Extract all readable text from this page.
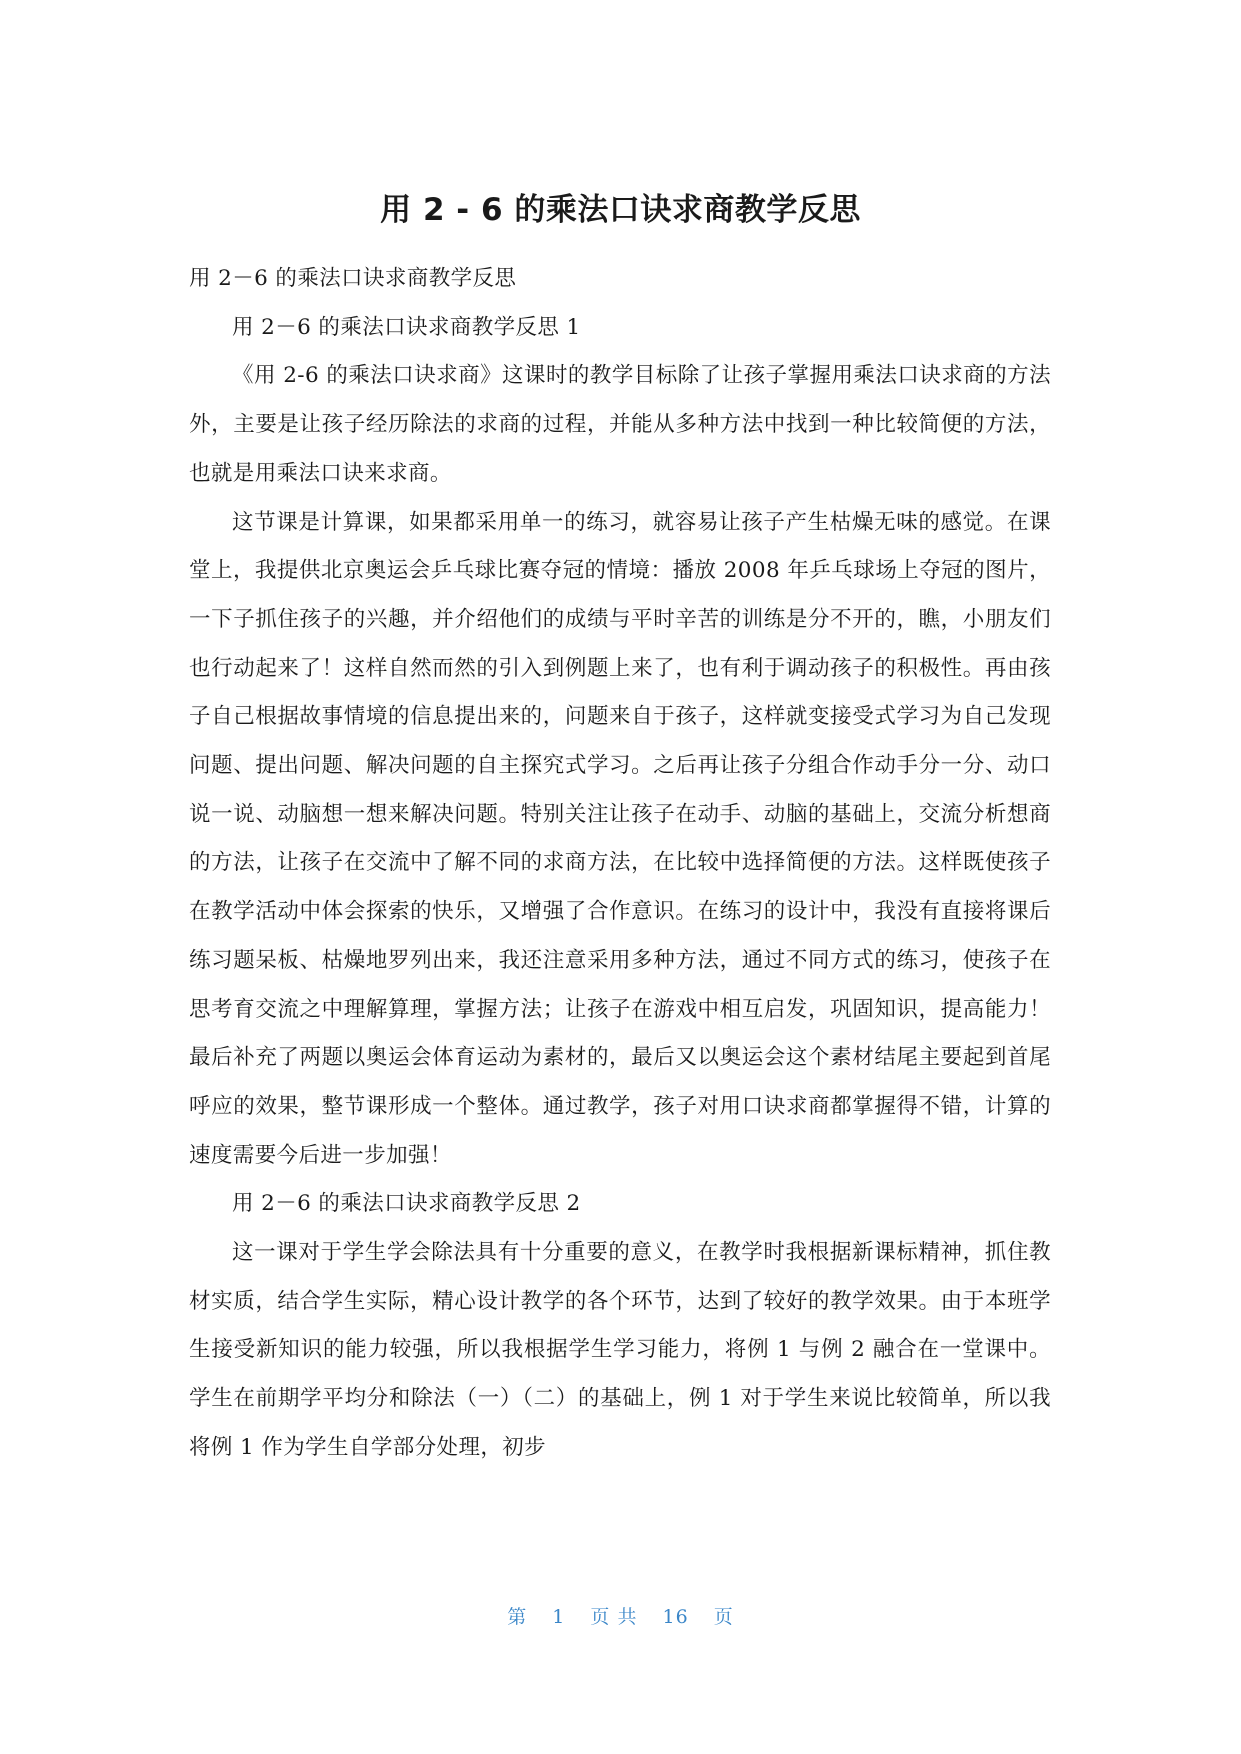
用 2 - 6 的乘法口诀求商教学反思

用 2－6 的乘法口诀求商教学反思

用 2－6 的乘法口诀求商教学反思 1

《用 2-6 的乘法口诀求商》这课时的教学目标除了让孩子掌握用乘法口诀求商的方法外，主要是让孩子经历除法的求商的过程，并能从多种方法中找到一种比较简便的方法，也就是用乘法口诀来求商。

这节课是计算课，如果都采用单一的练习，就容易让孩子产生枯燥无味的感觉。在课堂上，我提供北京奥运会乒乓球比赛夺冠的情境：播放 2008 年乒乓球场上夺冠的图片，一下子抓住孩子的兴趣，并介绍他们的成绩与平时辛苦的训练是分不开的，瞧，小朋友们也行动起来了！这样自然而然的引入到例题上来了，也有利于调动孩子的积极性。再由孩子自己根据故事情境的信息提出来的，问题来自于孩子，这样就变接受式学习为自己发现问题、提出问题、解决问题的自主探究式学习。之后再让孩子分组合作动手分一分、动口说一说、动脑想一想来解决问题。特别关注让孩子在动手、动脑的基础上，交流分析想商的方法，让孩子在交流中了解不同的求商方法，在比较中选择简便的方法。这样既使孩子在教学活动中体会探索的快乐，又增强了合作意识。在练习的设计中，我没有直接将课后练习题呆板、枯燥地罗列出来，我还注意采用多种方法，通过不同方式的练习，使孩子在思考育交流之中理解算理，掌握方法；让孩子在游戏中相互启发，巩固知识，提高能力！最后补充了两题以奥运会体育运动为素材的，最后又以奥运会这个素材结尾主要起到首尾呼应的效果，整节课形成一个整体。通过教学，孩子对用口诀求商都掌握得不错，计算的速度需要今后进一步加强！

用 2－6 的乘法口诀求商教学反思 2

这一课对于学生学会除法具有十分重要的意义，在教学时我根据新课标精神，抓住教材实质，结合学生实际，精心设计教学的各个环节，达到了较好的教学效果。由于本班学生接受新知识的能力较强，所以我根据学生学习能力，将例 1 与例 2 融合在一堂课中。学生在前期学平均分和除法（一）（二）的基础上，例 1 对于学生来说比较简单，所以我将例 1 作为学生自学部分处理，初步

第 1 页 共 16 页
